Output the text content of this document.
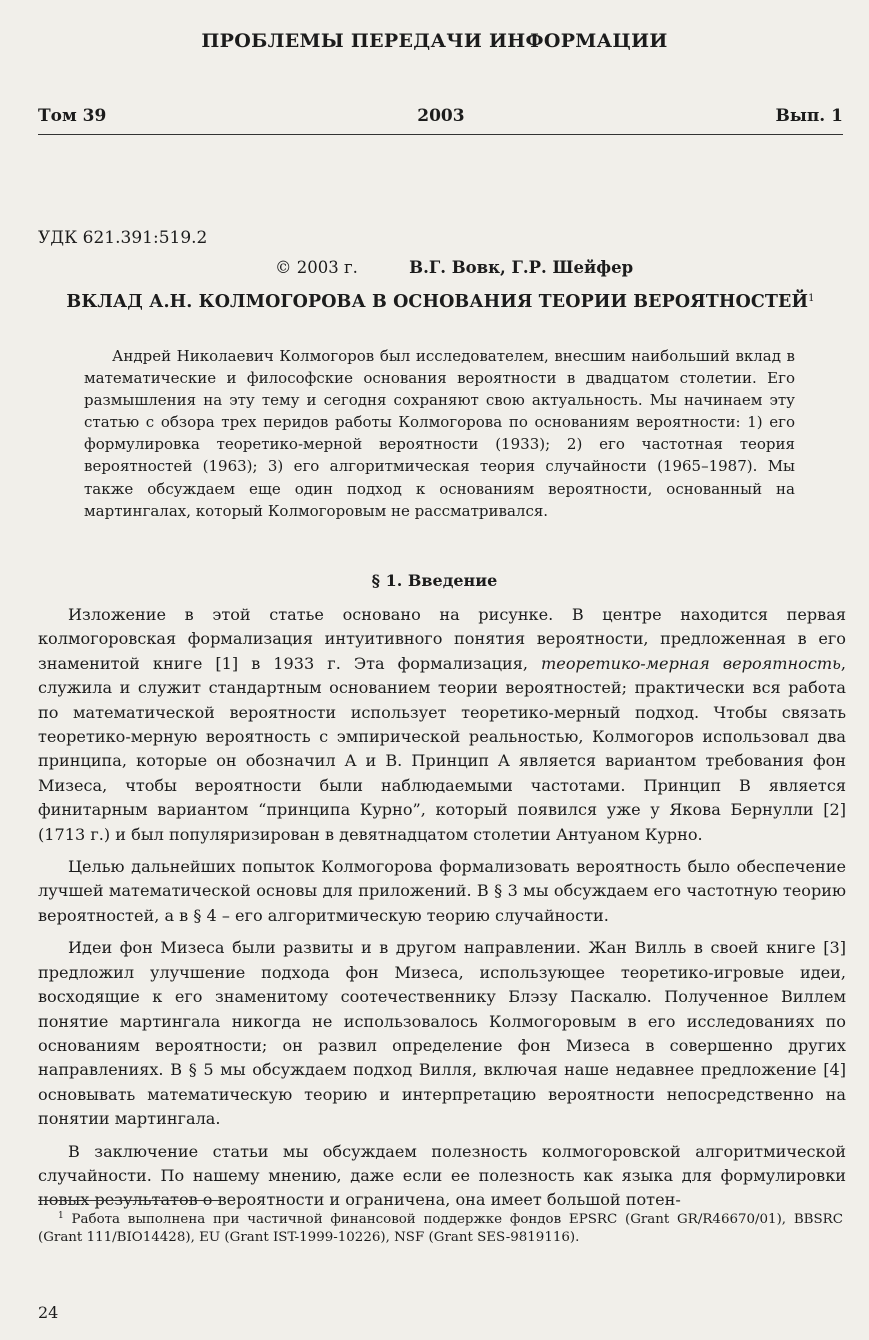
ПРОБЛЕМЫ ПЕРЕДАЧИ ИНФОРМАЦИИ
Том 39	2003	Вып. 1
УДК 621.391:519.2
© 2003 г.	В.Г. Вовк, Г.Р. Шейфер
ВКЛАД А.Н. КОЛМОГОРОВА В ОСНОВАНИЯ ТЕОРИИ ВЕРОЯТНОСТЕЙ$^1$

Андрей Николаевич Колмогоров был исследователем, внесшим наибольший вклад в математические и философские основания вероятности в двадцатом столетии. Его размышления на эту тему и сегодня сохраняют свою актуальность. Мы начинаем эту статью с обзора трех перидов работы Колмогорова по основаниям вероятности: 1) его формулировка теоретико-мерной вероятности (1933); 2) его частотная теория вероятностей (1963); 3) его алгоритмическая теория случайности (1965–1987). Мы также обсуждаем еще один подход к основаниям вероятности, основанный на мартингалах, который Колмогоровым не рассматривался.

§ 1. Введение

Изложение в этой статье основано на рисунке. В центре находится первая колмогоровская формализация интуитивного понятия вероятности, предложенная в его знаменитой книге [1] в 1933 г. Эта формализация, теоретико-мерная вероятность, служила и служит стандартным основанием теории вероятностей; практически вся работа по математической вероятности использует теоретико-мерный подход. Чтобы связать теоретико-мерную вероятность с эмпирической реальностью, Колмогоров использовал два принципа, которые он обозначил A и B. Принцип A является вариантом требования фон Мизеса, чтобы вероятности были наблюдаемыми частотами. Принцип B является финитарным вариантом “принципа Курно”, который появился уже у Якова Бернулли [2] (1713 г.) и был популяризирован в девятнадцатом столетии Антуаном Курно.

Целью дальнейших попыток Колмогорова формализовать вероятность было обеспечение лучшей математической основы для приложений. В § 3 мы обсуждаем его частотную теорию вероятностей, а в § 4 – его алгоритмическую теорию случайности.

Идеи фон Мизеса были развиты и в другом направлении. Жан Вилль в своей книге [3] предложил улучшение подхода фон Мизеса, использующее теоретико-игровые идеи, восходящие к его знаменитому соотечественнику Блэзу Паскалю. Полученное Виллем понятие мартингала никогда не использовалось Колмогоровым в его исследованиях по основаниям вероятности; он развил определение фон Мизеса в совершенно других направлениях. В § 5 мы обсуждаем подход Вилля, включая наше недавнее предложение [4] основывать математическую теорию и интерпретацию вероятности непосредственно на понятии мартингала.

В заключение статьи мы обсуждаем полезность колмогоровской алгоритмической случайности. По нашему мнению, даже если ее полезность как языка для формулировки новых результатов о вероятности и ограничена, она имеет большой потен-

$^1$ Работа выполнена при частичной финансовой поддержке фондов EPSRC (Grant GR/R46670/01), BBSRC (Grant 111/BIO14428), EU (Grant IST-1999-10226), NSF (Grant SES-9819116).

24
